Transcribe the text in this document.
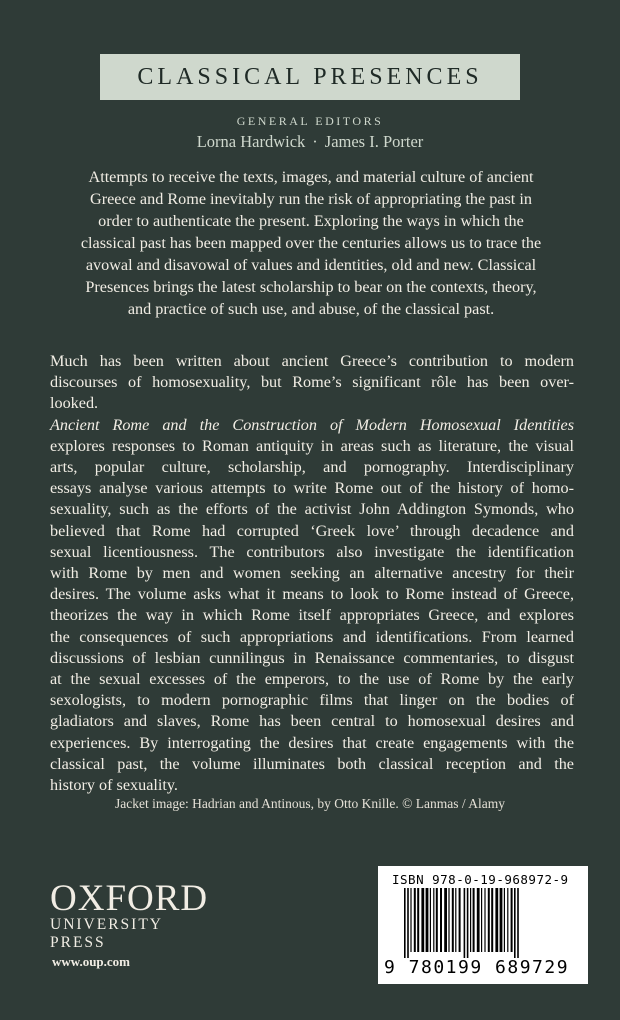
CLASSICAL PRESENCES
GENERAL EDITORS
Lorna Hardwick · James I. Porter
Attempts to receive the texts, images, and material culture of ancient
Greece and Rome inevitably run the risk of appropriating the past in
order to authenticate the present. Exploring the ways in which the
classical past has been mapped over the centuries allows us to trace the
avowal and disavowal of values and identities, old and new. Classical
Presences brings the latest scholarship to bear on the contexts, theory,
and practice of such use, and abuse, of the classical past.
Much has been written about ancient Greece’s contribution to modern
discourses of homosexuality, but Rome’s significant rôle has been over-
looked.
Ancient Rome and the Construction of Modern Homosexual Identities
explores responses to Roman antiquity in areas such as literature, the visual
arts, popular culture, scholarship, and pornography. Interdisciplinary
essays analyse various attempts to write Rome out of the history of homo-
sexuality, such as the efforts of the activist John Addington Symonds, who
believed that Rome had corrupted ‘Greek love’ through decadence and
sexual licentiousness. The contributors also investigate the identification
with Rome by men and women seeking an alternative ancestry for their
desires. The volume asks what it means to look to Rome instead of Greece,
theorizes the way in which Rome itself appropriates Greece, and explores
the consequences of such appropriations and identifications. From learned
discussions of lesbian cunnilingus in Renaissance commentaries, to disgust
at the sexual excesses of the emperors, to the use of Rome by the early
sexologists, to modern pornographic films that linger on the bodies of
gladiators and slaves, Rome has been central to homosexual desires and
experiences. By interrogating the desires that create engagements with the
classical past, the volume illuminates both classical reception and the
history of sexuality.
Jacket image: Hadrian and Antinous, by Otto Knille. © Lanmas / Alamy
OXFORD
UNIVERSITY PRESS
www.oup.com
ISBN 978-0-19-968972-9
9 780199 689729
